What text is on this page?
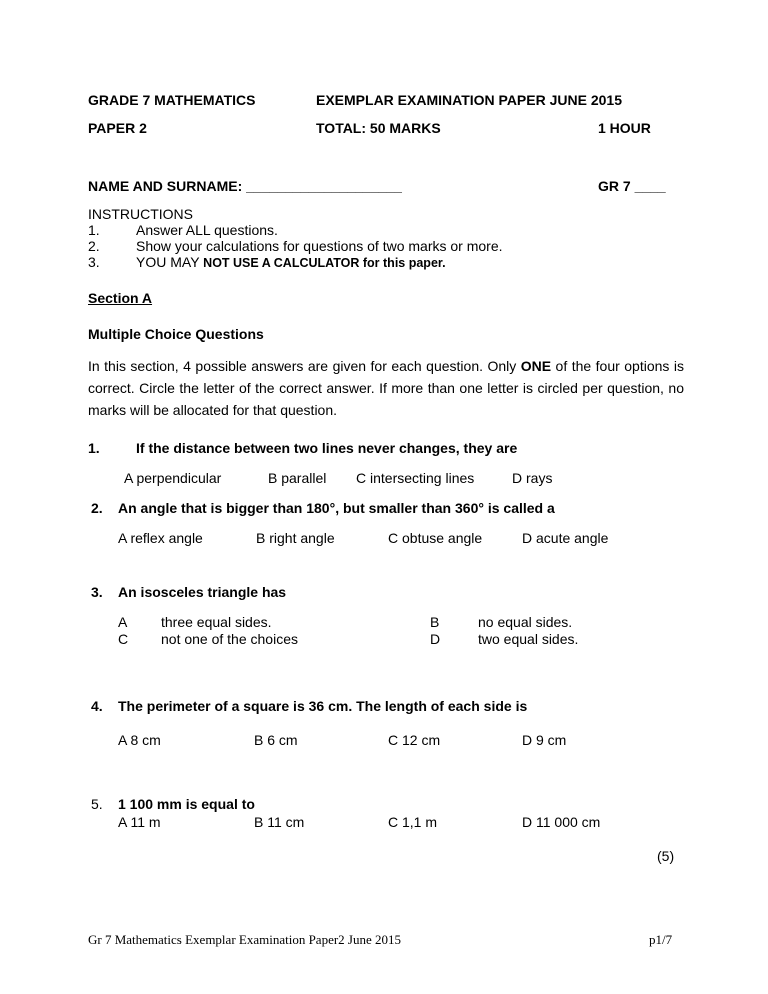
GRADE 7 MATHEMATICS	EXEMPLAR EXAMINATION PAPER JUNE 2015
PAPER 2	TOTAL: 50 MARKS	1 HOUR
NAME AND SURNAME: ____________________	GR 7 ____
INSTRUCTIONS
1.	Answer ALL questions.
2.	Show your calculations for questions of two marks or more.
3.	YOU MAY NOT USE A CALCULATOR for this paper.
Section A
Multiple Choice Questions
In this section, 4 possible answers are given for each question. Only ONE of the four options is correct. Circle the letter of the correct answer. If more than one letter is circled per question, no marks will be allocated for that question.
1.	If the distance between two lines never changes, they are
A perpendicular	B parallel C intersecting lines	D rays
2. An angle that is bigger than 180°, but smaller than 360° is called a
A reflex angle	B right angle	C obtuse angle	D acute angle
3. An isosceles triangle has
A three equal sides.	B	no equal sides.
C not one of the choices	D	two equal sides.
4. The perimeter of a square is 36 cm. The length of each side is
A 8 cm	B 6 cm	C 12 cm	D 9 cm
5. 1 100 mm is equal to
A 11 m	B 11 cm	C 1,1 m	D 11 000 cm
(5)
Gr 7 Mathematics Exemplar Examination Paper2 June 2015	p1/7
